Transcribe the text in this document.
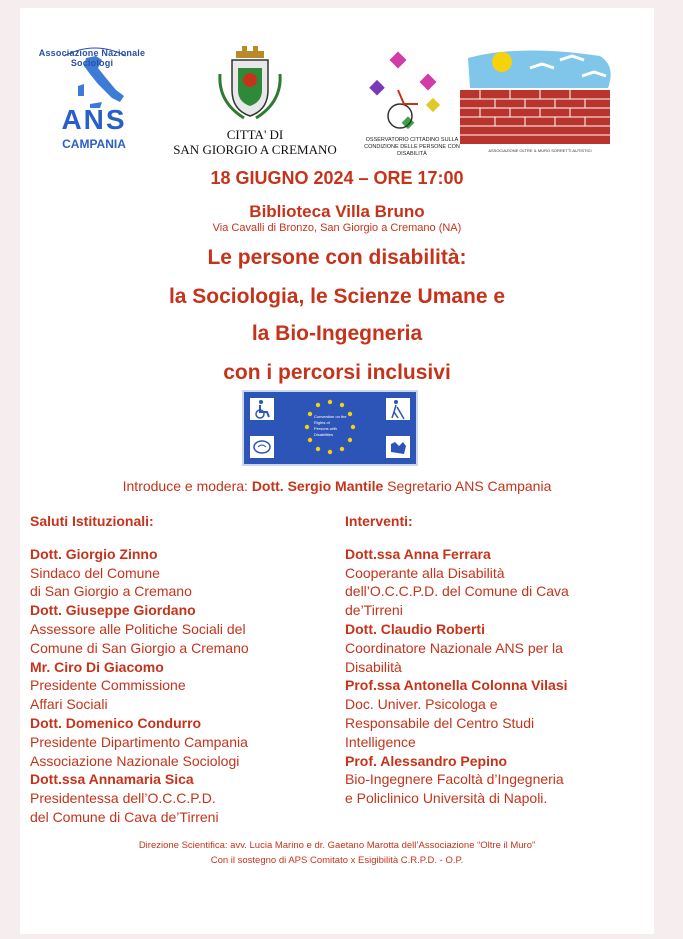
Associazione Nazionale Sociologi
ANS
CAMPANIA
CITTA' DI
SAN GIORGIO A CREMANO
OSSERVATORIO CITTADINO SULLA CONDIZIONE DELLE PERSONE CON DISABILITÀ
ASSOCIAZIONE OLTRE IL MURO SORRETTI AUTISTICI
18 GIUGNO 2024 – ORE 17:00
Biblioteca Villa Bruno
Via Cavalli di Bronzo, San Giorgio a Cremano (NA)
Le persone con disabilità:
la Sociologia, le Scienze Umane e
la Bio-Ingegneria
con i percorsi inclusivi
Convention on the
Rights of
Persons with
Disabilities
Introduce e modera: Dott. Sergio Mantile Segretario ANS Campania
Saluti Istituzionali:
Dott. Giorgio Zinno
Sindaco del Comune
di San Giorgio a Cremano
Dott. Giuseppe Giordano
Assessore alle Politiche Sociali del
Comune di San Giorgio a Cremano
Mr. Ciro Di Giacomo
Presidente Commissione
Affari Sociali
Dott. Domenico Condurro
Presidente Dipartimento Campania
Associazione Nazionale Sociologi
Dott.ssa Annamaria Sica
Presidentessa dell’O.C.C.P.D.
del Comune di Cava de’Tirreni
Interventi:
Dott.ssa Anna Ferrara
Cooperante alla Disabilità
dell’O.C.C.P.D. del Comune di Cava
de’Tirreni
Dott. Claudio Roberti
Coordinatore Nazionale ANS per la
Disabilità
Prof.ssa Antonella Colonna Vilasi
Doc. Univer. Psicologa e
Responsabile del Centro Studi
Intelligence
Prof. Alessandro Pepino
Bio-Ingegnere Facoltà d’Ingegneria
e Policlinico Università di Napoli.
Direzione Scientifica: avv. Lucia Marino e dr. Gaetano Marotta dell’Associazione “Oltre il Muro”
Con il sostegno di APS Comitato x Esigibilità C.R.P.D. - O.P.
